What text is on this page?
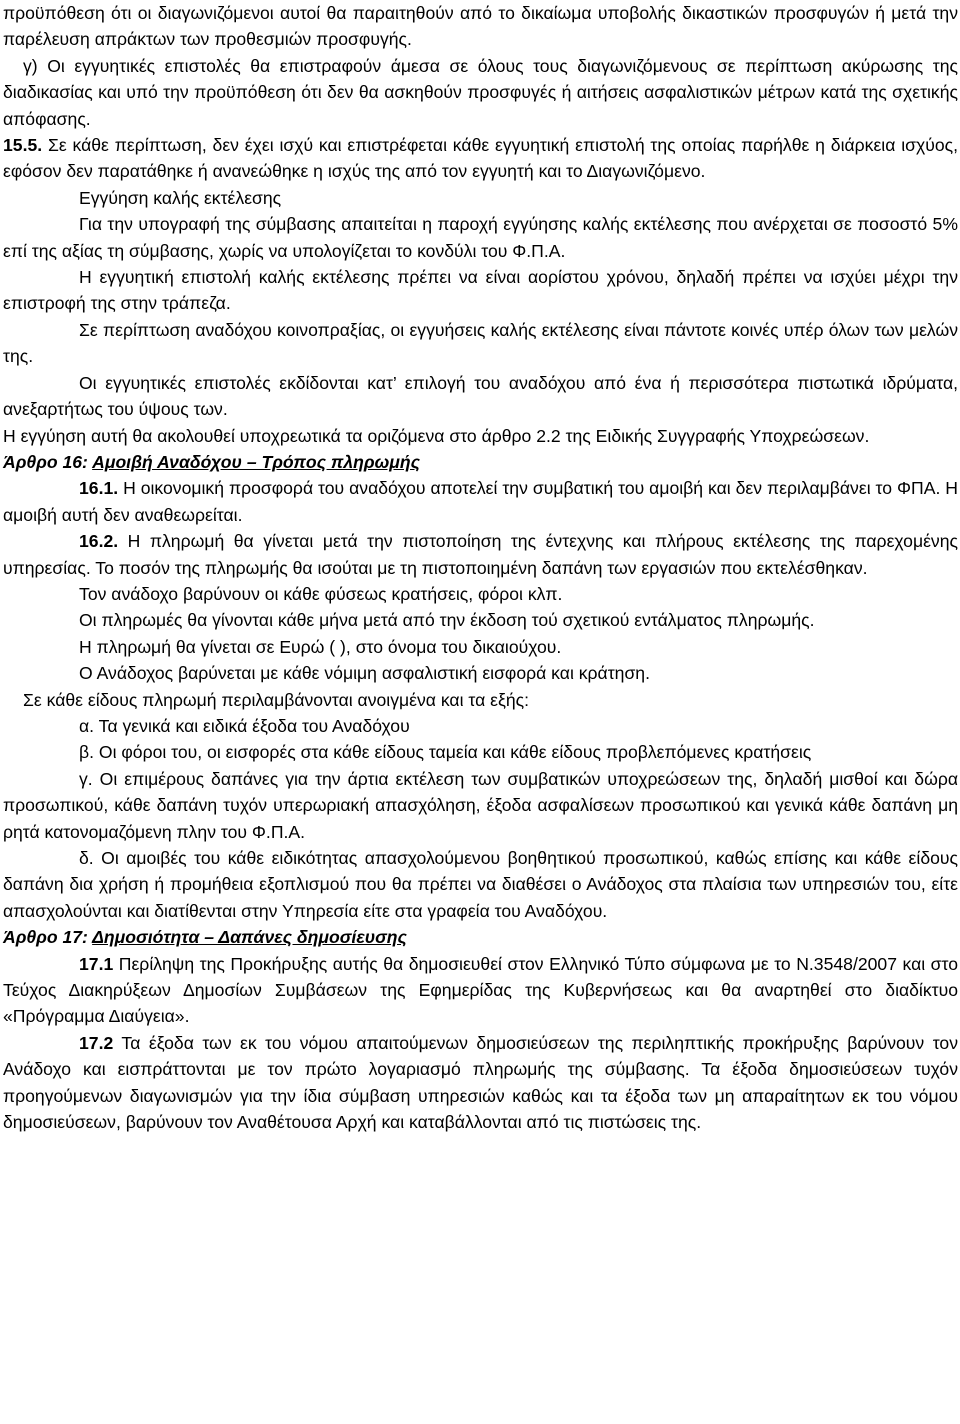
προϋπόθεση ότι οι διαγωνιζόμενοι αυτοί θα παραιτηθούν από το δικαίωμα υποβολής δικαστικών προσφυγών ή μετά την παρέλευση απράκτων των προθεσμιών προσφυγής.

γ) Οι εγγυητικές επιστολές θα επιστραφούν άμεσα σε όλους τους διαγωνιζόμενους σε περίπτωση ακύρωσης της διαδικασίας και υπό την προϋπόθεση ότι δεν θα ασκηθούν προσφυγές ή αιτήσεις ασφαλιστικών μέτρων κατά της σχετικής απόφασης.

15.5. Σε κάθε περίπτωση, δεν έχει ισχύ και επιστρέφεται κάθε εγγυητική επιστολή της οποίας παρήλθε η διάρκεια ισχύος, εφόσον δεν παρατάθηκε ή ανανεώθηκε η ισχύς της από τον εγγυητή και το Διαγωνιζόμενο.

Εγγύηση καλής εκτέλεσης

Για την υπογραφή της σύμβασης απαιτείται η παροχή εγγύησης καλής εκτέλεσης που ανέρχεται σε ποσοστό 5% επί της αξίας τη σύμβασης, χωρίς να υπολογίζεται το κονδύλι του Φ.Π.Α.

Η εγγυητική επιστολή καλής εκτέλεσης πρέπει να είναι αορίστου χρόνου, δηλαδή πρέπει να ισχύει μέχρι την επιστροφή της στην τράπεζα.

Σε περίπτωση αναδόχου κοινοπραξίας, οι εγγυήσεις καλής εκτέλεσης είναι πάντοτε κοινές υπέρ όλων των μελών της.

Οι εγγυητικές επιστολές εκδίδονται κατ’ επιλογή του αναδόχου από ένα ή περισσότερα πιστωτικά ιδρύματα, ανεξαρτήτως του ύψους των.

Η εγγύηση αυτή θα ακολουθεί υποχρεωτικά τα οριζόμενα στο άρθρο 2.2 της Ειδικής Συγγραφής Υποχρεώσεων.

Άρθρο 16: Αμοιβή Αναδόχου – Τρόπος πληρωμής

16.1. Η οικονομική προσφορά του αναδόχου αποτελεί την συμβατική του αμοιβή και δεν περιλαμβάνει το ΦΠΑ. Η αμοιβή αυτή δεν αναθεωρείται.

16.2. Η πληρωμή θα γίνεται μετά την πιστοποίηση της έντεχνης και πλήρους εκτέλεσης της παρεχομένης υπηρεσίας. Το ποσόν της πληρωμής θα ισούται με τη πιστοποιημένη δαπάνη των εργασιών που εκτελέσθηκαν.

Τον ανάδοχο βαρύνουν οι κάθε φύσεως κρατήσεις, φόροι κλπ.

Οι πληρωμές θα γίνονται κάθε μήνα μετά από την έκδοση τού σχετικού εντάλματος πληρωμής.

Η πληρωμή θα γίνεται σε Ευρώ ( ), στο όνομα του δικαιούχου.

Ο Ανάδοχος βαρύνεται με κάθε νόμιμη ασφαλιστική εισφορά και κράτηση.

Σε κάθε είδους πληρωμή περιλαμβάνονται ανοιγμένα και τα εξής:

α. Τα γενικά και ειδικά έξοδα του Αναδόχου

β. Οι φόροι του, οι εισφορές στα κάθε είδους ταμεία και κάθε είδους προβλεπόμενες κρατήσεις

γ. Οι επιμέρους δαπάνες για την άρτια εκτέλεση των συμβατικών υποχρεώσεων της, δηλαδή μισθοί και δώρα προσωπικού, κάθε δαπάνη τυχόν υπερωριακή απασχόληση, έξοδα ασφαλίσεων προσωπικού και γενικά κάθε δαπάνη μη ρητά κατονομαζόμενη πλην του Φ.Π.Α.

δ. Οι αμοιβές του κάθε ειδικότητας απασχολούμενου βοηθητικού προσωπικού, καθώς επίσης και κάθε είδους δαπάνη δια χρήση ή προμήθεια εξοπλισμού που θα πρέπει να διαθέσει ο Ανάδοχος στα πλαίσια των υπηρεσιών του, είτε απασχολούνται και διατίθενται στην Υπηρεσία είτε στα γραφεία του Αναδόχου.

Άρθρο 17: Δημοσιότητα – Δαπάνες δημοσίευσης

17.1 Περίληψη της Προκήρυξης αυτής θα δημοσιευθεί στον Ελληνικό Τύπο σύμφωνα με το Ν.3548/2007 και στο Τεύχος Διακηρύξεων Δημοσίων Συμβάσεων της Εφημερίδας της Κυβερνήσεως και θα αναρτηθεί στο διαδίκτυο «Πρόγραμμα Διαύγεια».

17.2 Τα έξοδα των εκ του νόμου απαιτούμενων δημοσιεύσεων της περιληπτικής προκήρυξης βαρύνουν τον Ανάδοχο και εισπράττονται με τον πρώτο λογαριασμό πληρωμής της σύμβασης. Τα έξοδα δημοσιεύσεων τυχόν προηγούμενων διαγωνισμών για την ίδια σύμβαση υπηρεσιών καθώς και τα έξοδα των μη απαραίτητων εκ του νόμου δημοσιεύσεων, βαρύνουν τον Αναθέτουσα Αρχή και καταβάλλονται από τις πιστώσεις της.
